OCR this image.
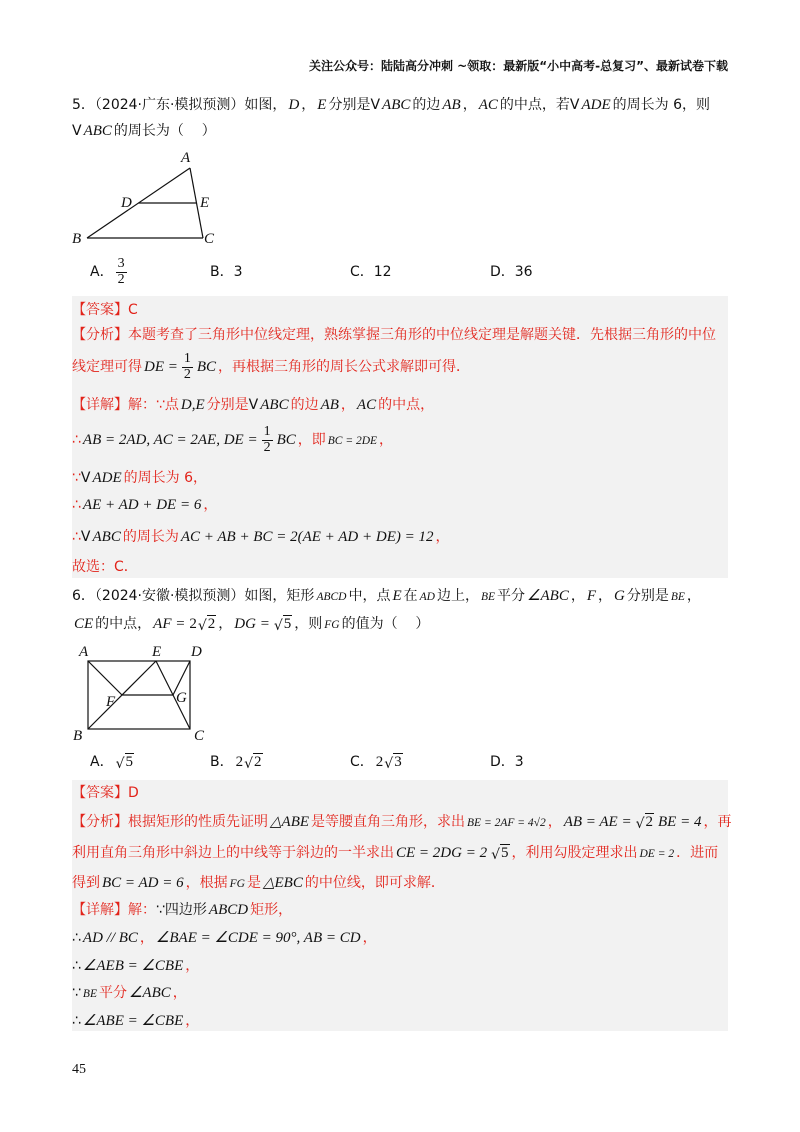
关注公众号：陆陆高分冲刺 ~领取：最新版“小中高考-总复习”、最新试卷下载
5．（2024·广东·模拟预测）如图， D ， E 分别是V ABC 的边 AB ， AC 的中点，若V ADE 的周长为 6，则
V ABC 的周长为（    ）
A
D	E
B	C
A． $\frac{3}{2}$	B．3	C．12	D．36
【答案】C
【分析】本题考查了三角形中位线定理，熟练掌握三角形的中位线定理是解题关键．先根据三角形的中位
线定理可得 DE = $\frac{1}{2}$ BC ，再根据三角形的周长公式求解即可得．
【详解】解：∵点 D,E 分别是 V ABC 的边 AB ， AC 的中点，
∴ AB = 2AD, AC = 2AE, DE = $\frac{1}{2}$ BC ，即 BC = 2DE ，
∵ V ADE 的周长为 6，
∴ AE + AD + DE = 6 ，
∴ V ABC 的周长为 AC + AB + BC = 2(AE + AD + DE) = 12 ，
故选：C．
6．（2024·安徽·模拟预测）如图，矩形 ABCD 中，点 E 在 AD 边上， BE 平分 ∠ABC ， F ， G 分别是 BE ，
CE 的中点， AF = 2 √ 2 ， DG = √ 5 ，则 FG 的值为（    ）
A	E D
F	G
B	C
A． √ 5	B． 2 √ 2	C． 2 √ 3	D．3
【答案】D
【分析】根据矩形的性质先证明 △ABE 是等腰直角三角形，求出 BE = 2AF = 4√2 ， AB = AE = √ 2 BE = 4 ，再
利用直角三角形中斜边上的中线等于斜边的一半求出 CE = 2DG = 2 √ 5 ，利用勾股定理求出 DE = 2 ．进而
得到 BC = AD = 6 ，根据 FG 是 △EBC 的中位线，即可求解．
【详解】解： ∵四边形 ABCD 矩形，
∴ AD // BC ， ∠BAE = ∠CDE = 90°, AB = CD ，
∴ ∠AEB = ∠CBE ，
∵ BE 平分 ∠ABC ，
∴ ∠ABE = ∠CBE ，
45
